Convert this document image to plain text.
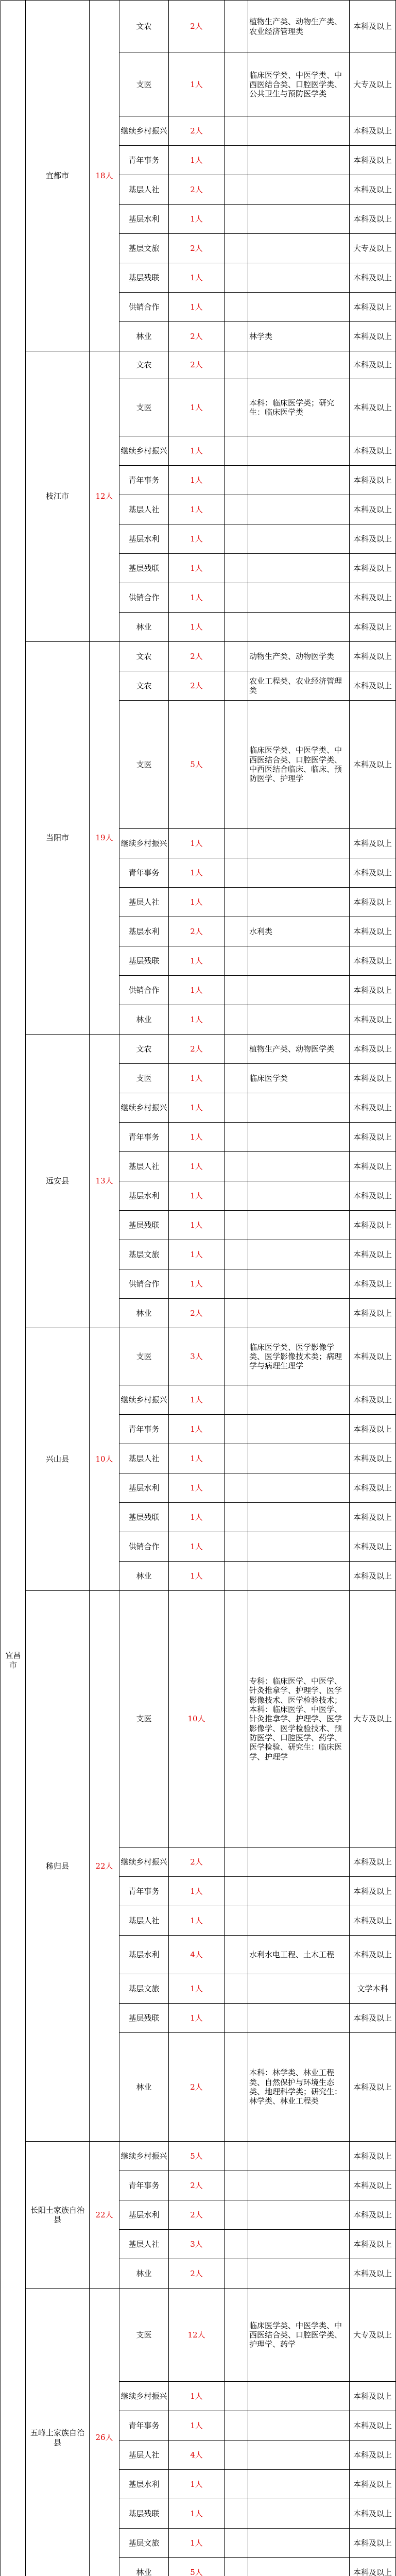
宜昌市	宜都市	18人	文农	2人		植物生产类、动物生产类、农业经济管理类	本科及以上
			支医	1人		临床医学类、中医学类、中西医结合类、口腔医学类、公共卫生与预防医学类	大专及以上
			继续乡村振兴	2人			本科及以上
			青年事务	1人			本科及以上
			基层人社	2人			本科及以上
			基层水利	1人			本科及以上
			基层文旅	2人			大专及以上
			基层残联	1人			本科及以上
			供销合作	1人			本科及以上
			林业	2人		林学类	本科及以上
	枝江市	12人	文农	2人			本科及以上
			支医	1人		本科：临床医学类；研究生：临床医学类	本科及以上
			继续乡村振兴	1人			本科及以上
			青年事务	1人			本科及以上
			基层人社	1人			本科及以上
			基层水利	1人			本科及以上
			基层残联	1人			本科及以上
			供销合作	1人			本科及以上
			林业	1人			本科及以上
	当阳市	19人	文农	2人		动物生产类、动物医学类	本科及以上
			文农	2人		农业工程类、农业经济管理类	本科及以上
			支医	5人		临床医学类、中医学类、中西医结合类、口腔医学类、中西医结合临床、临床、预防医学、护理学	本科及以上
			继续乡村振兴	1人			本科及以上
			青年事务	1人			本科及以上
			基层人社	1人			本科及以上
			基层水利	2人		水利类	本科及以上
			基层残联	1人			本科及以上
			供销合作	1人			本科及以上
			林业	1人			本科及以上
	远安县	13人	文农	2人		植物生产类、动物医学类	本科及以上
			支医	1人		临床医学类	本科及以上
			继续乡村振兴	1人			本科及以上
			青年事务	1人			本科及以上
			基层人社	1人			本科及以上
			基层水利	1人			本科及以上
			基层残联	1人			本科及以上
			基层文旅	1人			本科及以上
			供销合作	1人			本科及以上
			林业	2人			本科及以上
	兴山县	10人	支医	3人		临床医学类、医学影像学类、医学影像技术类；病理学与病理生理学	本科及以上
			继续乡村振兴	1人			本科及以上
			青年事务	1人			本科及以上
			基层人社	1人			本科及以上
			基层水利	1人			本科及以上
			基层残联	1人			本科及以上
			供销合作	1人			本科及以上
			林业	1人			本科及以上
	秭归县	22人	支医	10人		专科：临床医学、中医学、针灸推拿学、护理学、医学影像技术、医学检验技术；本科：临床医学、中医学、针灸推拿学、护理学、医学影像学、医学检验技术、预防医学、口腔医学、药学、医学检验、研究生：临床医学、护理学	大专及以上
			继续乡村振兴	2人			本科及以上
			青年事务	1人			本科及以上
			基层人社	1人			本科及以上
			基层水利	4人		水利水电工程、土木工程	本科及以上
			基层文旅	1人			文学本科
			基层残联	1人			本科及以上
			林业	2人		本科：林学类、林业工程类、自然保护与环境生态类、地理科学类；研究生：林学类、林业工程类	本科及以上
	长阳土家族自治县	22人	继续乡村振兴	5人			本科及以上
			青年事务	2人			本科及以上
			基层水利	2人			本科及以上
			基层人社	3人			本科及以上
			林业	2人			本科及以上
	五峰土家族自治县	26人	支医	12人		临床医学类、中医学类、中西医结合类、口腔医学类、护理学、药学	大专及以上
			继续乡村振兴	1人			本科及以上
			青年事务	1人			本科及以上
			基层人社	4人			本科及以上
			基层水利	1人			本科及以上
			基层残联	1人			本科及以上
			基层文旅	1人			本科及以上
			林业	5人			本科及以上
